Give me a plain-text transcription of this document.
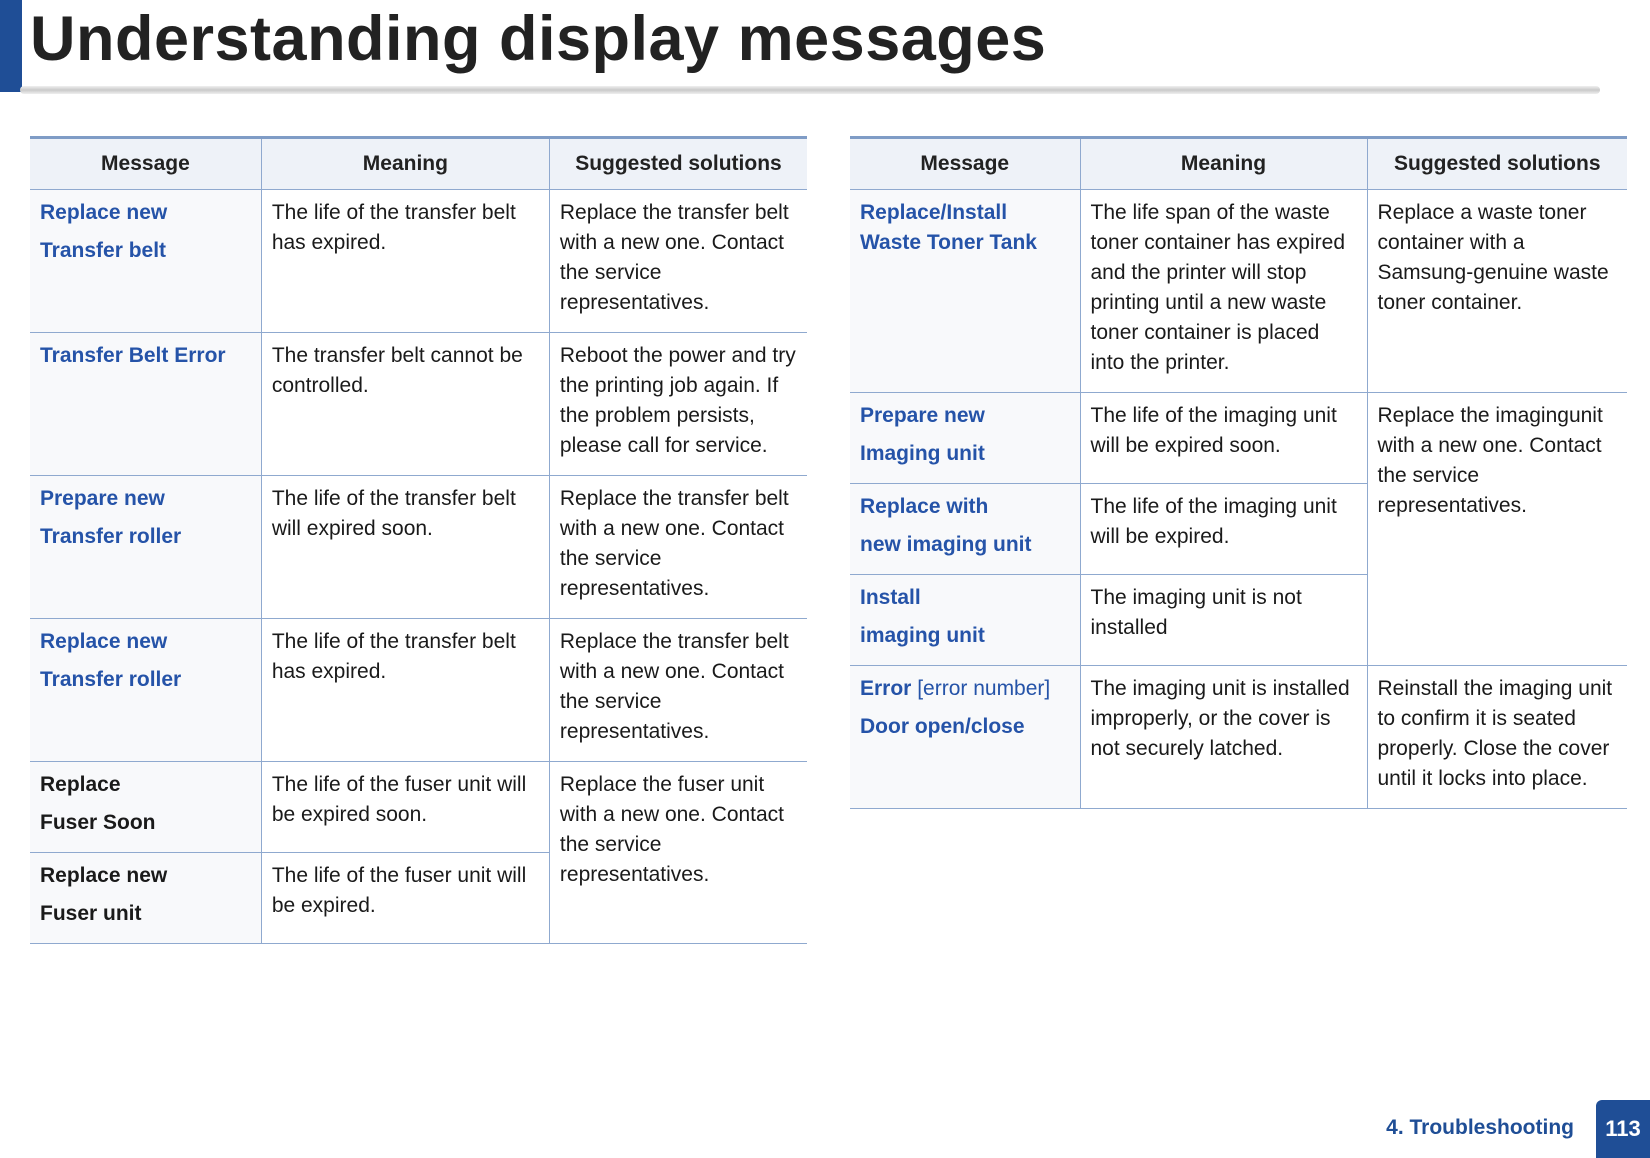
Understanding display messages
Message	Meaning	Suggested solutions

Replace new
Transfer belt	The life of the transfer belt has expired.	Replace the transfer belt with a new one. Contact the service representatives.

Transfer Belt Error	The transfer belt cannot be controlled.	Reboot the power and try the printing job again. If the problem persists, please call for service.

Prepare new
Transfer roller	The life of the transfer belt will expired soon.	Replace the transfer belt with a new one. Contact the service representatives.

Replace new
Transfer roller	The life of the transfer belt has expired.	Replace the transfer belt with a new one. Contact the service representatives.

Replace
Fuser Soon	The life of the fuser unit will be expired soon.	Replace the fuser unit with a new one. Contact the service representatives.

Replace new
Fuser unit	The life of the fuser unit will be expired.	
Message	Meaning	Suggested solutions

Replace/Install
Waste Toner Tank	The life span of the waste toner container has expired and the printer will stop printing until a new waste toner container is placed into the printer.	Replace a waste toner container with a Samsung-genuine waste toner container.

Prepare new
Imaging unit	The life of the imaging unit will be expired soon.	Replace the imagingunit with a new one. Contact the service representatives.

Replace with
new imaging unit	The life of the imaging unit will be expired.	

Install
imaging unit	The imaging unit is not installed	

Error [error number]
Door open/close	The imaging unit is installed improperly, or the cover is not securely latched.	Reinstall the imaging unit to confirm it is seated properly. Close the cover until it locks into place.
4. Troubleshooting	113
